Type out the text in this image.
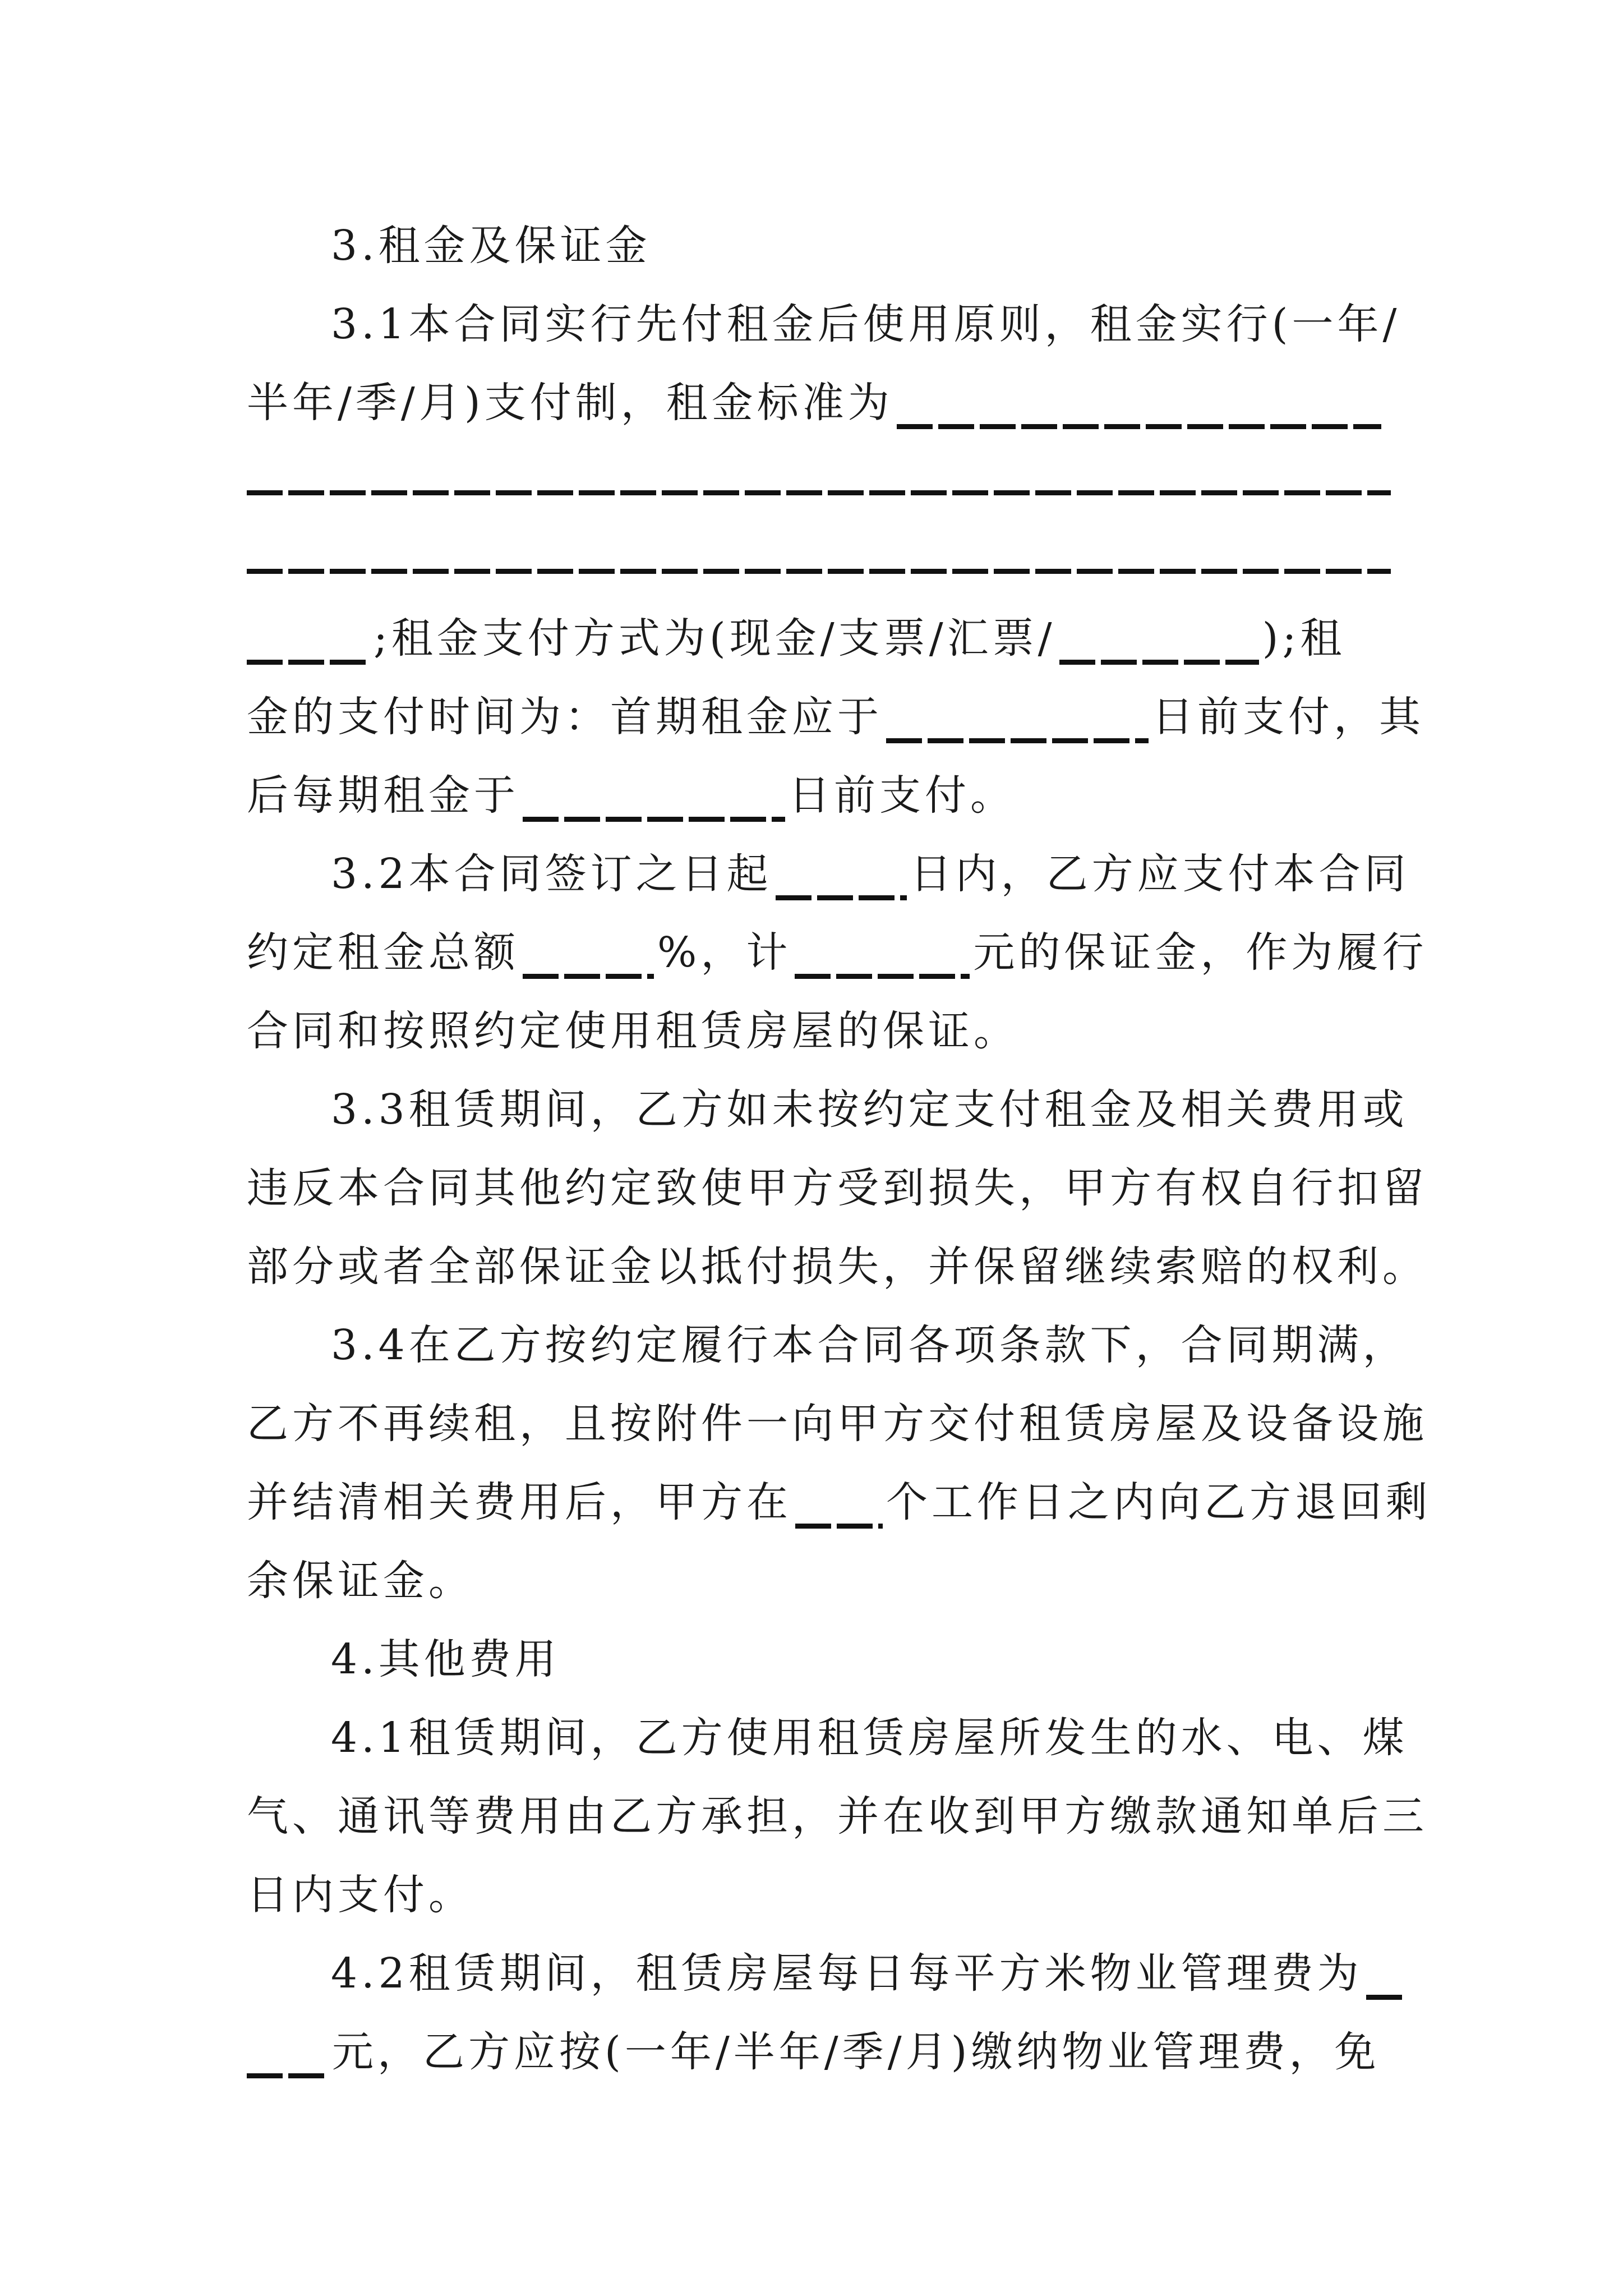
3.租金及保证金
3.1本合同实行先付租金后使用原则，租金实行(一年/
半年/季/月)支付制，租金标准为
;租金支付方式为(现金/支票/汇票/	);租
金的支付时间为：首期租金应于	日前支付，其
后每期租金于	日前支付。
3.2本合同签订之日起	日内，乙方应支付本合同
约定租金总额	%，计	元的保证金，作为履行
合同和按照约定使用租赁房屋的保证。
3.3租赁期间，乙方如未按约定支付租金及相关费用或
违反本合同其他约定致使甲方受到损失，甲方有权自行扣留
部分或者全部保证金以抵付损失，并保留继续索赔的权利。
3.4在乙方按约定履行本合同各项条款下，合同期满，
乙方不再续租，且按附件一向甲方交付租赁房屋及设备设施
并结清相关费用后，甲方在 个工作日之内向乙方退回剩
余保证金。
4.其他费用
4.1租赁期间，乙方使用租赁房屋所发生的水、电、煤
气、通讯等费用由乙方承担，并在收到甲方缴款通知单后三
日内支付。
4.2租赁期间，租赁房屋每日每平方米物业管理费为
元，乙方应按(一年/半年/季/月)缴纳物业管理费，免
